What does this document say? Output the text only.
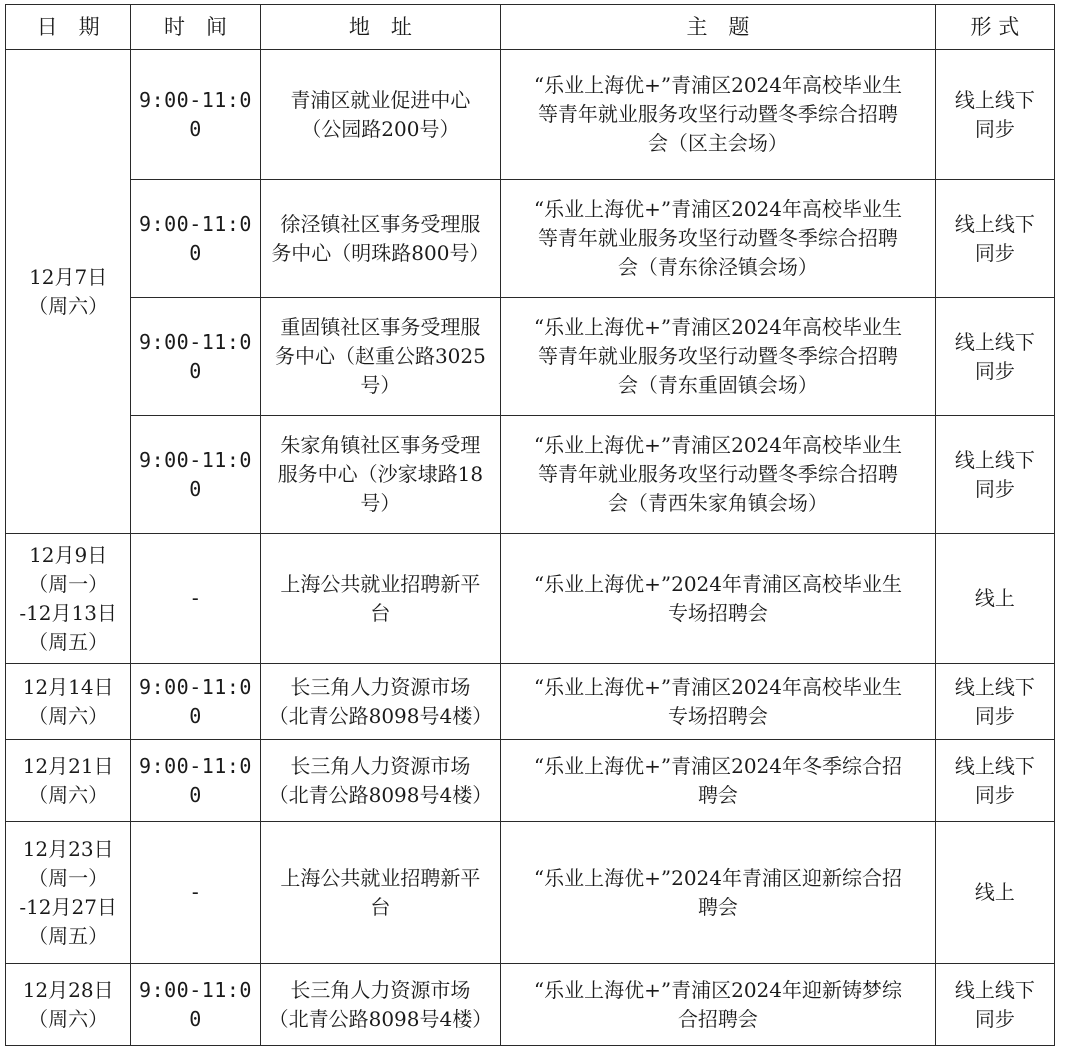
日　期	时　间	地　址	主　题	形 式

12月7日
（周六）	9:00-11:00	青浦区就业促进中心
（公园路200号）	“乐业上海优+”青浦区2024年高校毕业生
等青年就业服务攻坚行动暨冬季综合招聘
会（区主会场）	线上线下
同步

	9:00-11:00	徐泾镇社区事务受理服
务中心（明珠路800号）	“乐业上海优+”青浦区2024年高校毕业生
等青年就业服务攻坚行动暨冬季综合招聘
会（青东徐泾镇会场）	线上线下
同步

	9:00-11:00	重固镇社区事务受理服
务中心（赵重公路3025
号）	“乐业上海优+”青浦区2024年高校毕业生
等青年就业服务攻坚行动暨冬季综合招聘
会（青东重固镇会场）	线上线下
同步

	9:00-11:00	朱家角镇社区事务受理
服务中心（沙家埭路18
号）	“乐业上海优+”青浦区2024年高校毕业生
等青年就业服务攻坚行动暨冬季综合招聘
会（青西朱家角镇会场）	线上线下
同步

12月9日
（周一）
-12月13日
（周五）	-	上海公共就业招聘新平
台	“乐业上海优+”2024年青浦区高校毕业生
专场招聘会	线上

12月14日
（周六）	9:00-11:00	长三角人力资源市场
（北青公路8098号4楼）	“乐业上海优+”青浦区2024年高校毕业生
专场招聘会	线上线下
同步

12月21日
（周六）	9:00-11:00	长三角人力资源市场
（北青公路8098号4楼）	“乐业上海优+”青浦区2024年冬季综合招
聘会	线上线下
同步

12月23日
（周一）
-12月27日
（周五）	-	上海公共就业招聘新平
台	“乐业上海优+”2024年青浦区迎新综合招
聘会	线上

12月28日
（周六）	9:00-11:00	长三角人力资源市场
（北青公路8098号4楼）	“乐业上海优+”青浦区2024年迎新铸梦综
合招聘会	线上线下
同步
